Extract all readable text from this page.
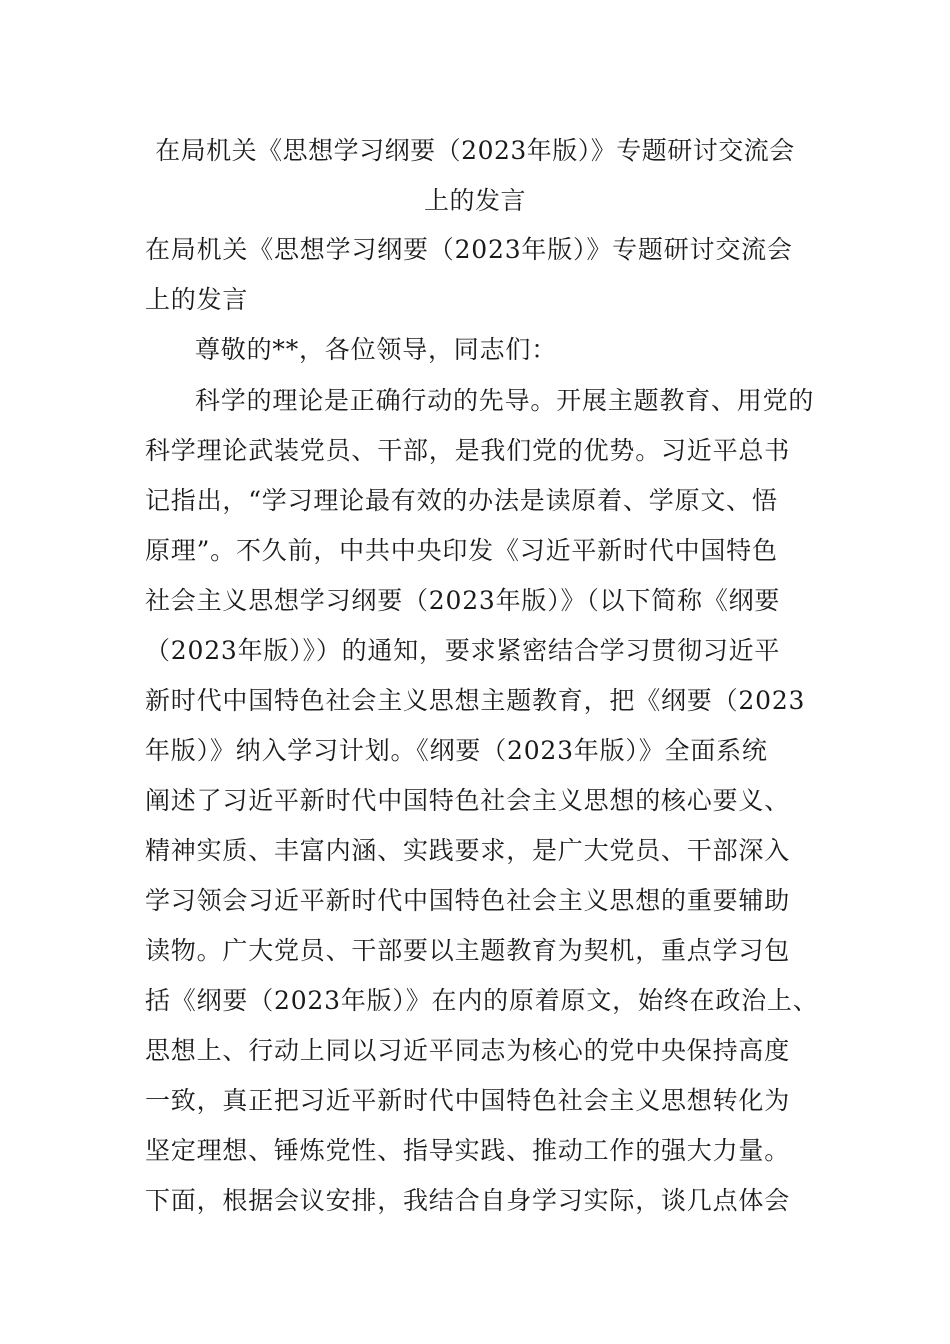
在局机关《思想学习纲要（2023年版）》专题研讨交流会
上的发言
在局机关《思想学习纲要（2023年版）》专题研讨交流会
上的发言
尊敬的**，各位领导，同志们：
科学的理论是正确行动的先导。开展主题教育、用党的
科学理论武装党员、干部，是我们党的优势。习近平总书
记指出，“学习理论最有效的办法是读原着、学原文、悟
原理”。不久前，中共中央印发《习近平新时代中国特色
社会主义思想学习纲要（2023年版）》（以下简称《纲要
（2023年版）》）的通知，要求紧密结合学习贯彻习近平
新时代中国特色社会主义思想主题教育，把《纲要（2023
年版）》纳入学习计划。《纲要（2023年版）》全面系统
阐述了习近平新时代中国特色社会主义思想的核心要义、
精神实质、丰富内涵、实践要求，是广大党员、干部深入
学习领会习近平新时代中国特色社会主义思想的重要辅助
读物。广大党员、干部要以主题教育为契机，重点学习包
括《纲要（2023年版）》在内的原着原文，始终在政治上、
思想上、行动上同以习近平同志为核心的党中央保持高度
一致，真正把习近平新时代中国特色社会主义思想转化为
坚定理想、锤炼党性、指导实践、推动工作的强大力量。
下面，根据会议安排，我结合自身学习实际，谈几点体会
